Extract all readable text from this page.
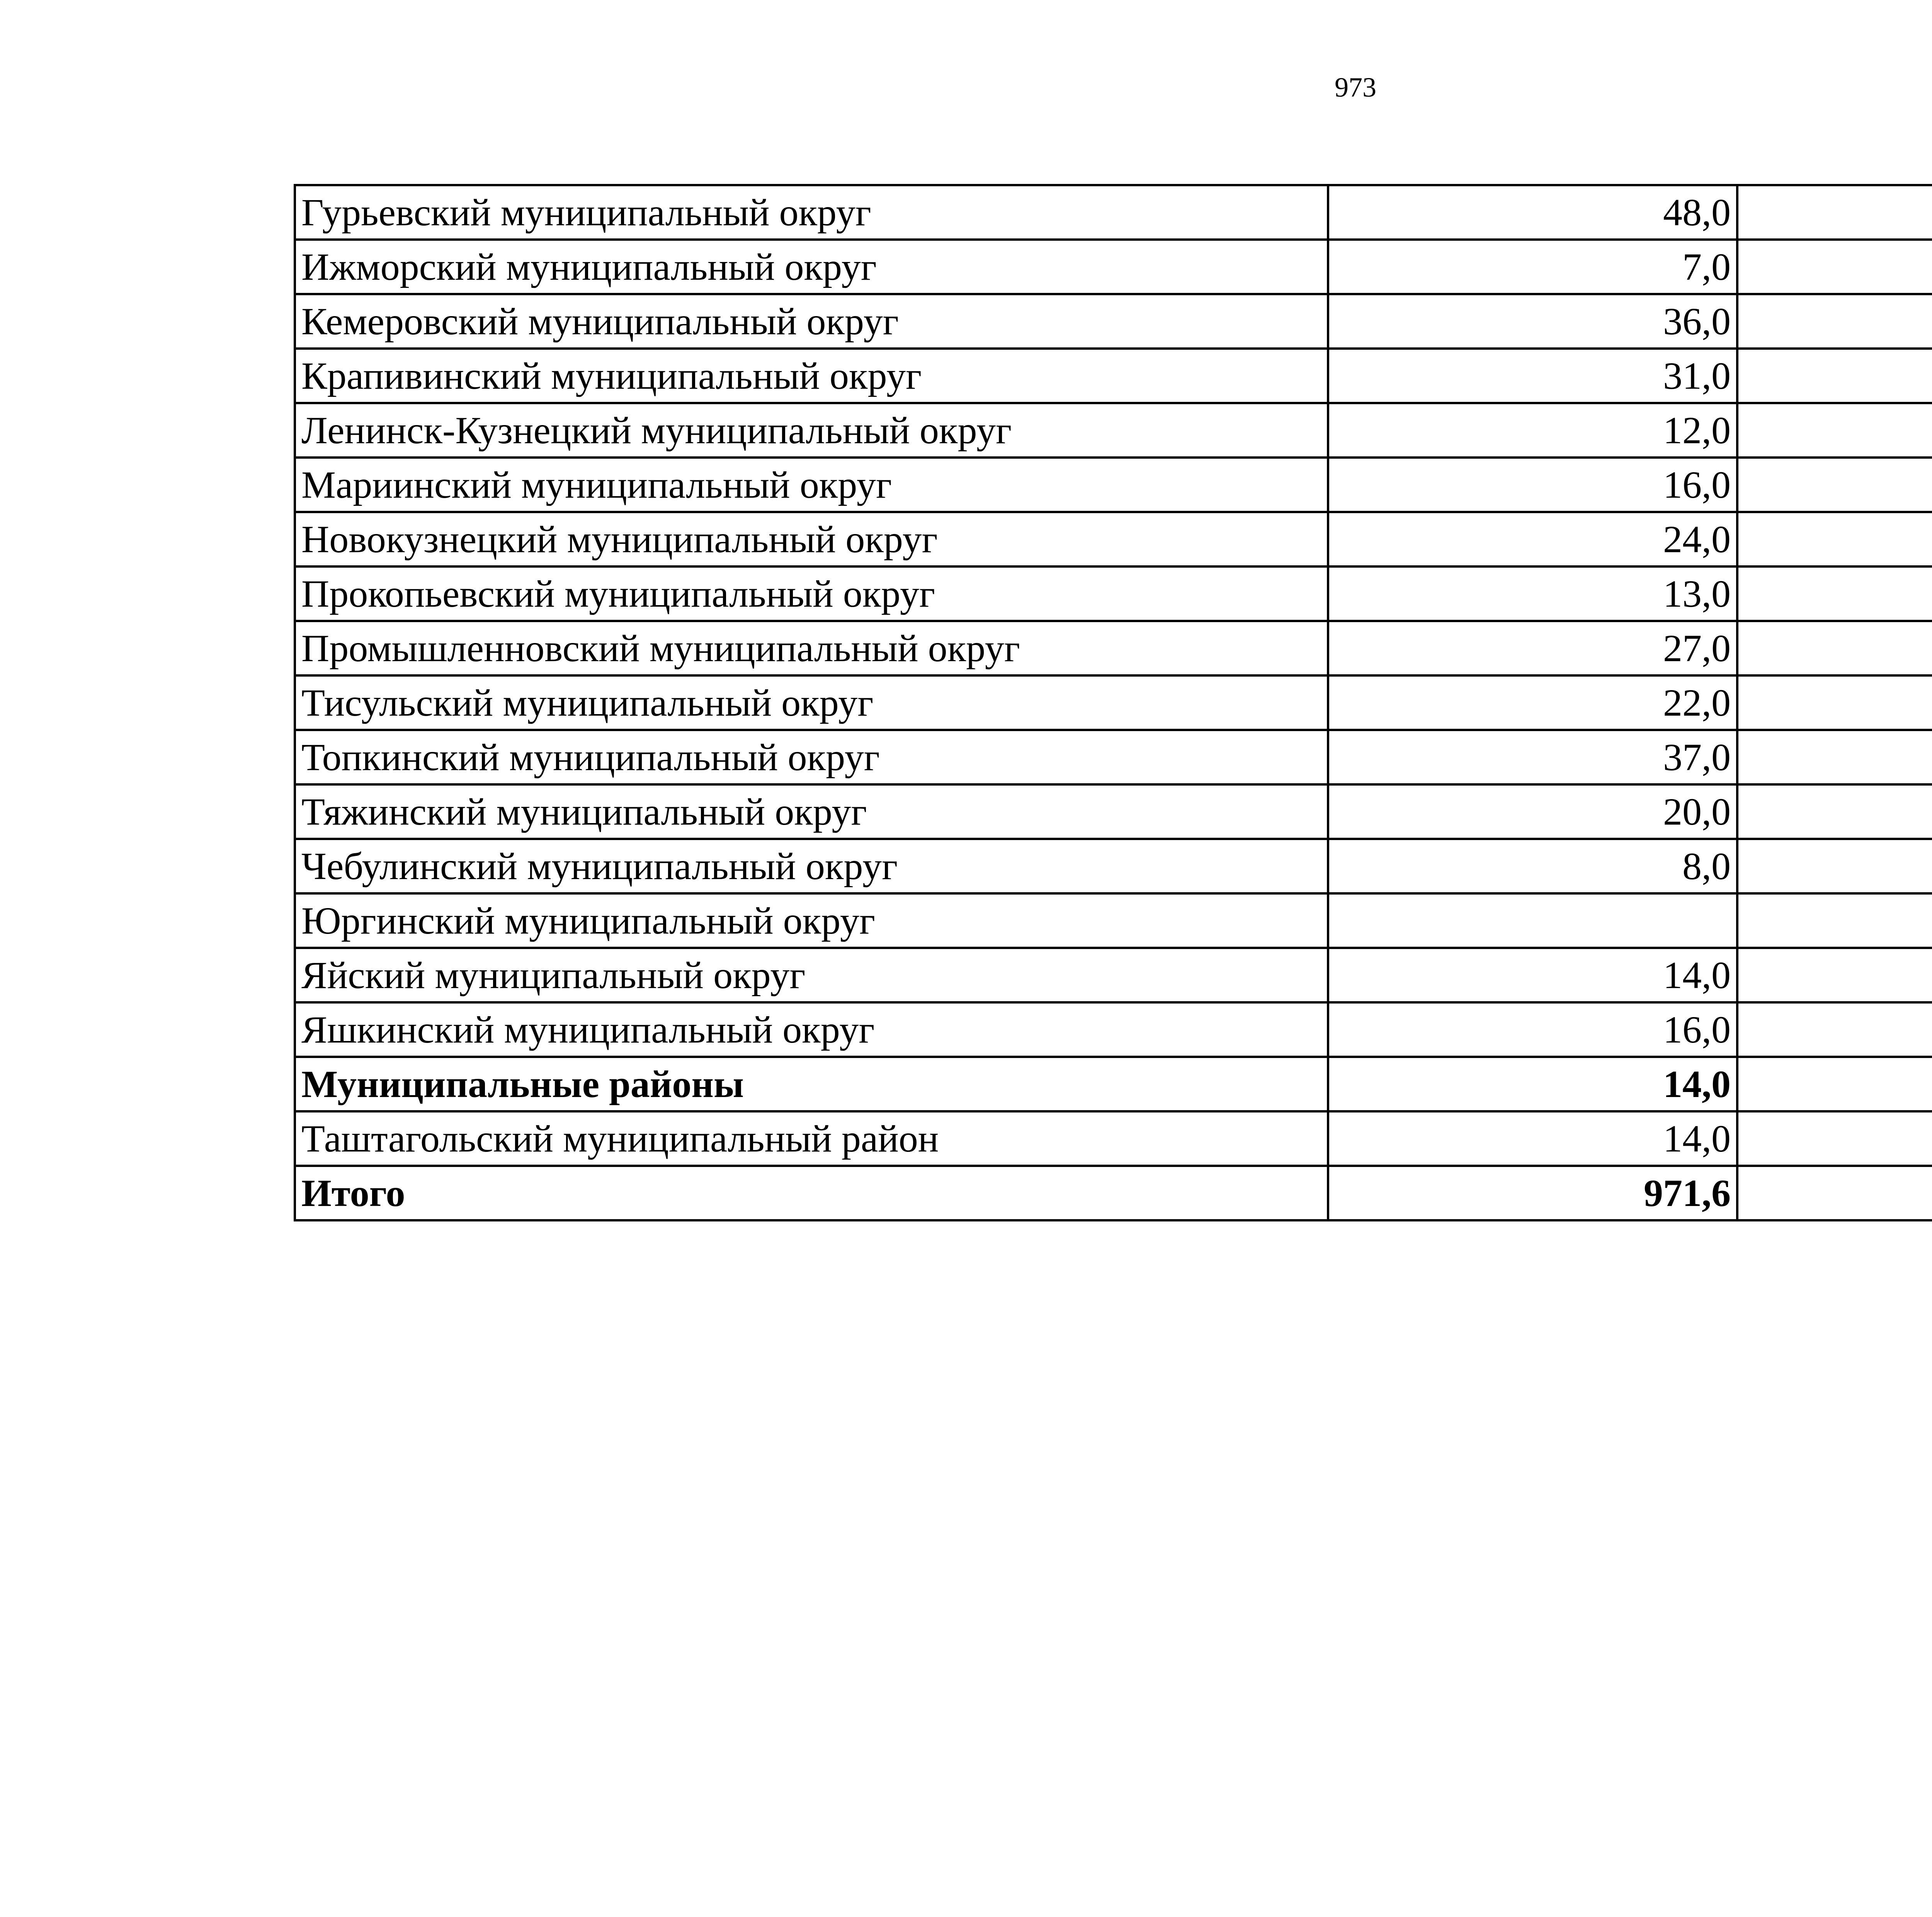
973
Гурьевский муниципальный округ	48,0		
Ижморский муниципальный округ	7,0		
Кемеровский муниципальный округ	36,0		
Крапивинский муниципальный округ	31,0		
Ленинск-Кузнецкий муниципальный округ	12,0		
Мариинский муниципальный округ	16,0		
Новокузнецкий муниципальный округ	24,0		
Прокопьевский муниципальный округ	13,0		
Промышленновский муниципальный округ	27,0		
Тисульский муниципальный округ	22,0		
Топкинский муниципальный округ	37,0		
Тяжинский муниципальный округ	20,0		
Чебулинский муниципальный округ	8,0		
Юргинский муниципальный округ			
Яйский муниципальный округ	14,0		
Яшкинский муниципальный округ	16,0		
Муниципальные районы	14,0		
Таштагольский муниципальный район	14,0		
Итого	971,6		
